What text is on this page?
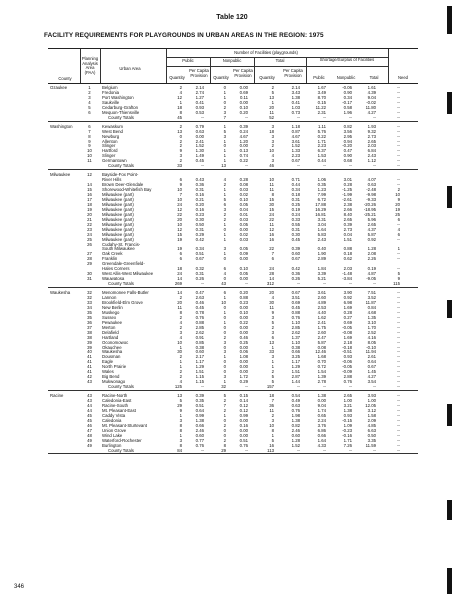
Table 120
FACILITY REQUIREMENTS FOR PLAYGROUNDS IN URBAN AREAS IN THE REGION: 1975
County
Planning Analysis Area (PAA)
Urban Area
Number of Facilities (playgrounds)
Public	Nonpublic	Total	Shortage/Surplus of Facilities
Quantity
Per Capita Provision	Quantity
Per Capita Provision	Quantity
Per Capita Provision	Public	Nonpublic	Total	Need
Ozaukee	1	Belgium	2	2.14	0	0.00	2	2.14	1.67	-0.06	1.61	--
2	Fredonia	4	2.74	1	0.69	5	3.43	3.49	0.90	4.39	--
3	Port Washington	12	1.27	1	0.11	13	1.38	8.70	0.34	9.04	--
4	Saukville	1	0.41	0	0.00	1	0.41	0.15	-0.17	-0.02	--
5	Cedarburg-Grafton	18	0.93	2	0.10	20	1.03	11.22	0.58	11.80	--
6	Mequon-Thiensville	8	0.53	3	0.20	11	0.73	2.31	1.96	4.27	--
County Totals	45	--	7	--	52	--	--	--	--	--
Washington	6	Kewaskum	2	0.79	1	0.39	3	1.18	1.11	0.82	1.93	--
7	West Bend	13	0.63	5	0.24	18	0.87	5.76	3.56	9.32	--
8	Newburg	0	0.00	3	4.67	3	4.67	0.22	2.95	2.73	--
9	Allenton	2	2.41	1	1.20	3	3.61	1.71	0.94	2.65	--
9	Slinger	2	1.52	0	0.00	2	1.52	2.23	-0.20	2.03	--
10	Hartford	9	1.30	1	0.13	10	1.33	6.37	0.47	6.84	--
10	Slinger	3	1.49	1	0.74	4	2.23	1.53	0.90	2.43	--
11	Germantown	2	0.45	1	0.22	3	0.67	0.44	0.68	1.12	--
County Totals	33	--	13	--	46	--	--	--	--	--
Milwaukee	12	Bayside-Fox Point-
River Hills	6	0.43	4	0.28	10	0.71	1.06	3.01	4.07	--
14	Brown Deer-Glendale	9	0.36	2	0.08	11	0.44	0.35	0.28	0.63	--
15	Shorewood-Whitefish Bay	10	0.31	1	0.03	11	0.34	1.23	-1.25	-2.48	2
16	Milwaukee (part)	7	0.16	1	0.02	8	0.18	7.99	-1.99	-9.98	10
17	Milwaukee (part)	10	0.21	5	0.10	15	0.31	6.72	-2.61	-9.33	9
18	Milwaukee (part)	24	0.20	6	0.05	30	0.25	17.88	2.38	-20.26	20
19	Milwaukee (part)	12	0.16	3	0.04	15	0.19	16.29	2.66	-18.95	19
20	Milwaukee (part)	22	0.23	2	0.01	24	0.24	16.81	8.40	-25.21	25
21	Milwaukee (part)	20	0.30	2	0.03	22	0.33	3.31	2.65	5.96	6
22	Milwaukee (part)	10	0.50	1	0.05	11	0.55	3.04	0.39	2.65	--
23	Milwaukee (part)	12	0.31	0	0.00	12	0.31	1.64	2.73	4.37	4
24	Milwaukee (part)	15	0.29	1	0.02	16	0.30	5.83	0.04	5.87	6
25	Milwaukee (part)	19	0.42	1	0.03	16	0.45	2.43	1.51	0.92	--
26	Cudahy-St. Francis-
South Milwaukee	19	0.34	3	0.05	22	0.39	0.40	0.88	1.28	1
27	Oak Creek	6	0.51	1	0.09	7	0.60	1.90	0.18	2.08	--
28	Franklin	6	0.67	0	0.00	6	0.67	2.89	0.62	2.26	--
29	Greendale-Greenfield-
Hales Corners	18	0.32	6	0.10	24	0.42	1.84	2.03	0.19	--
30	West Allis-West Milwaukee	24	0.31	4	0.05	28	0.36	3.39	-1.48	4.87	5
31	Wauwatosa	14	0.26	0	0.00	14	0.26	5.21	-3.84	-9.05	9
County Totals	269	--	43	--	312	--	--	--	--	115
Waukesha	32	Menomonee Falls-Butler	14	0.47	6	0.20	20	0.67	3.61	3.90	7.51	--
32	Lannon	2	2.63	1	0.88	4	3.51	2.60	0.92	3.52	--
33	Brookfield-Elm Grove	20	0.46	10	0.23	30	0.69	4.89	6.98	11.87	--
34	New Berlin	11	0.45	0	0.00	11	0.45	2.53	1.69	0.84	--
35	Muskego	8	0.78	1	0.10	9	0.88	4.40	0.28	4.68	--
35	Sussex	2	0.76	0	0.00	3	0.76	1.62	0.27	1.35	--
36	Pewaukee	4	0.88	1	0.22	5	1.10	2.41	0.69	3.10	--
37	Merton	2	2.85	0	0.00	2	2.85	1.75	-0.05	1.70	--
38	Delafield	3	2.62	0	0.00	3	2.62	2.60	-0.08	2.52	--
38	Hartland	4	0.91	2	0.46	6	1.37	2.47	1.69	4.16	--
39	Oconomowoc	10	0.85	3	0.25	13	1.10	5.87	2.18	8.05	--
39	Okauchee	1	0.38	0	0.00	1	0.38	0.08	-0.18	-0.10	--
40	Waukesha	30	0.60	3	0.06	33	0.66	12.46	-0.51	11.94	--
41	Dousman	2	2.17	1	1.08	3	3.25	1.68	0.93	2.61	--
41	Eagle	1	1.17	0	0.00	1	1.17	0.70	-0.06	0.64	--
41	North Prairie	1	1.29	0	0.00	1	1.29	0.72	-0.05	0.67	--
41	Wales	2	1.51	0	0.00	2	1.51	1.54	-0.09	1.45	--
42	Big Bend	2	1.15	3	1.72	5	2.87	1.39	2.88	4.27	--
43	Mukwonago	4	1.15	1	0.29	5	1.44	2.78	0.76	3.54	--
County Totals	125	--	32	--	157	--	--	--	--	--
Racine	43	Racine-North	13	0.39	5	0.15	18	0.54	1.38	2.65	3.93	--
43	Caledonia-East	5	0.35	2	0.14	7	0.49	0.00	1.00	1.00	--
44	Racine-South	29	0.51	7	0.12	36	0.63	9.04	3.21	12.05	--
44	Mt. Pleasant-East	9	0.64	2	0.12	11	0.76	1.74	1.38	3.12	--
45	Caddy Vista	1	0.99	1	0.99	2	1.98	0.65	0.93	1.58	--
45	Caledonia	3	1.38	0	0.00	3	1.38	2.24	-0.15	2.09	--
46	Mt. Pleasant-Sturtevant	8	0.66	2	0.16	10	0.82	3.76	1.09	4.85	--
47	Union Grove	8	2.46	0	0.00	8	2.46	6.86	-0.23	6.63	--
48	Wind Lake	1	0.60	0	0.00	1	0.60	0.66	-0.16	0.50	--
49	Waterford-Rochester	3	0.77	2	0.51	5	1.28	1.64	1.71	3.35	--
49	Burlington	8	0.76	8	0.76	16	1.52	4.33	7.26	11.59	--
County Totals	84	--	29	--	113	--	--	--	--	--
346
